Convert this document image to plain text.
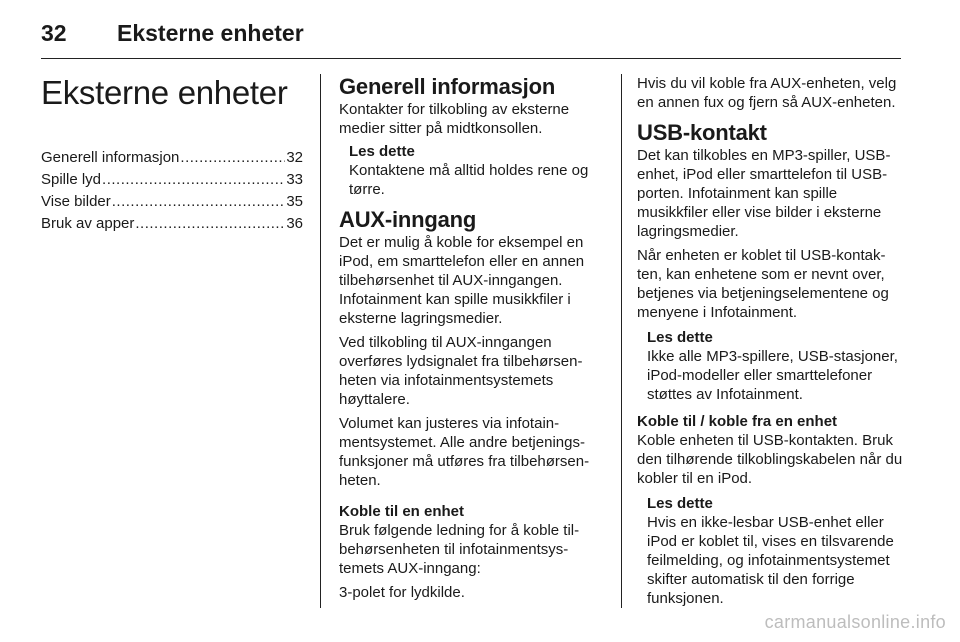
32 Eksterne enheter
Eksterne enheter
Generell informasjon .....	32
Spille lyd .....	33
Vise bilder .....	35
Bruk av apper .....	36
Generell informasjon

Kontakter for tilkobling av eksterne medier sitter på midtkonsollen.

Les dette
Kontaktene må alltid holdes rene og tørre.
AUX-inngang

Det er mulig å koble for eksempel en iPod, em smarttelefon eller en annen tilbehørsenhet til AUX-inngangen. Infotainment kan spille musikkfiler i eksterne lagringsmedier.

Ved tilkobling til AUX-inngangen overføres lydsignalet fra tilbehørsenheten via infotainmentsystemets høyttalere.

Volumet kan justeres via infotainmentsystemet. Alle andre betjeningsfunksjoner må utføres fra tilbehørsenheten.

Koble til en enhet

Bruk følgende ledning for å koble tilbehørsenheten til infotainmentsystemets AUX-inngang:

3-polet for lydkilde.

Hvis du vil koble fra AUX-enheten, velg en annen fux og fjern så AUX-enheten.

USB-kontakt

Det kan tilkobles en MP3-spiller, USB-enhet, iPod eller smarttelefon til USB-porten. Infotainment kan spille musikkfiler eller vise bilder i eksterne lagringsmedier.

Når enheten er koblet til USB-kontakten, kan enhetene som er nevnt over, betjenes via betjeningselementene og menyene i Infotainment.

Les dette
Ikke alle MP3-spillere, USB-stasjoner, iPod-modeller eller smarttelefoner støttes av Infotainment.
Koble til / koble fra en enhet

Koble enheten til USB-kontakten. Bruk den tilhørende tilkoblingskabelen når du kobler til en iPod.

Les dette
Hvis en ikke-lesbar USB-enhet eller iPod er koblet til, vises en tilsvarende feilmelding, og infotainmentsystemet skifter automatisk til den forrige funksjonen.
carmanualsonline.info
